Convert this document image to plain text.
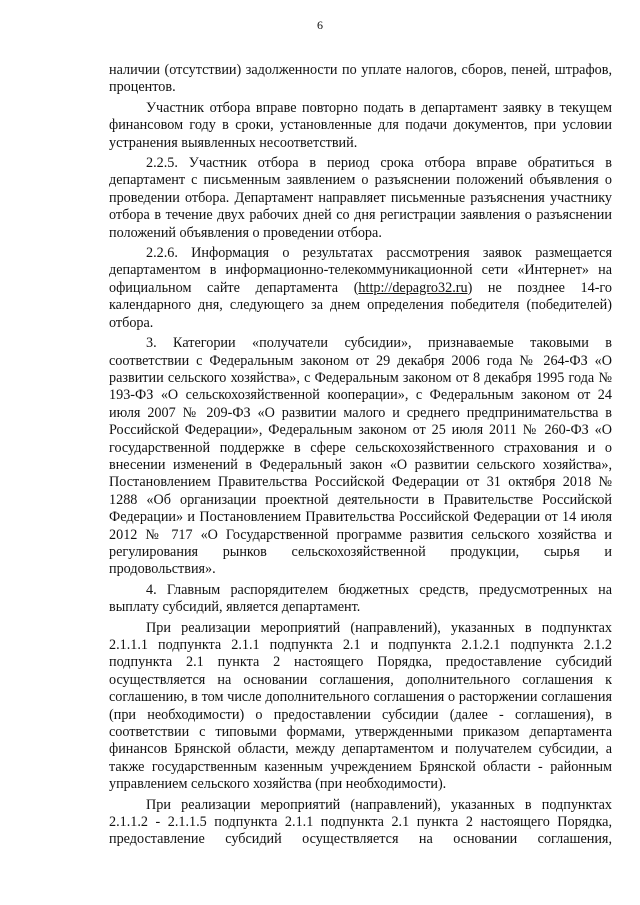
6

наличии (отсутствии) задолженности по уплате налогов, сборов, пеней, штрафов, процентов.

Участник отбора вправе повторно подать в департамент заявку в текущем финансовом году в сроки, установленные для подачи документов, при условии устранения выявленных несоответствий.

2.2.5. Участник отбора в период срока отбора вправе обратиться в департамент с письменным заявлением о разъяснении положений объявления о проведении отбора. Департамент направляет письменные разъяснения участнику отбора в течение двух рабочих дней со дня регистрации заявления о разъяснении положений объявления о проведении отбора.

2.2.6. Информация о результатах рассмотрения заявок размещается департаментом в информационно-телекоммуникационной сети «Интернет» на официальном сайте департамента (http://depagro32.ru) не позднее 14-го календарного дня, следующего за днем определения победителя (победителей) отбора.

3. Категории «получатели субсидии», признаваемые таковыми в соответствии с Федеральным законом от 29 декабря 2006 года № 264-ФЗ «О развитии сельского хозяйства», с Федеральным законом от 8 декабря 1995 года № 193-ФЗ «О сельскохозяйственной кооперации», с Федеральным законом от 24 июля 2007 № 209-ФЗ «О развитии малого и среднего предпринимательства в Российской Федерации», Федеральным законом от 25 июля 2011 № 260-ФЗ «О государственной поддержке в сфере сельскохозяйственного страхования и о внесении изменений в Федеральный закон «О развитии сельского хозяйства», Постановлением Правительства Российской Федерации от 31 октября 2018 № 1288 «Об организации проектной деятельности в Правительстве Российской Федерации» и Постановлением Правительства Российской Федерации от 14 июля 2012 № 717 «О Государственной программе развития сельского хозяйства и регулирования рынков сельскохозяйственной продукции, сырья и продовольствия».

4. Главным распорядителем бюджетных средств, предусмотренных на выплату субсидий, является департамент.

При реализации мероприятий (направлений), указанных в подпунктах 2.1.1.1 подпункта 2.1.1 подпункта 2.1 и подпункта 2.1.2.1 подпункта 2.1.2 подпункта 2.1 пункта 2 настоящего Порядка, предоставление субсидий осуществляется на основании соглашения, дополнительного соглашения к соглашению, в том числе дополнительного соглашения о расторжении соглашения (при необходимости) о предоставлении субсидии (далее - соглашения), в соответствии с типовыми формами, утвержденными приказом департамента финансов Брянской области, между департаментом и получателем субсидии, а также государственным казенным учреждением Брянской области - районным управлением сельского хозяйства (при необходимости).

При реализации мероприятий (направлений), указанных в подпунктах 2.1.1.2 - 2.1.1.5 подпункта 2.1.1 подпункта 2.1 пункта 2 настоящего Порядка, предоставление субсидий осуществляется на основании соглашения,
